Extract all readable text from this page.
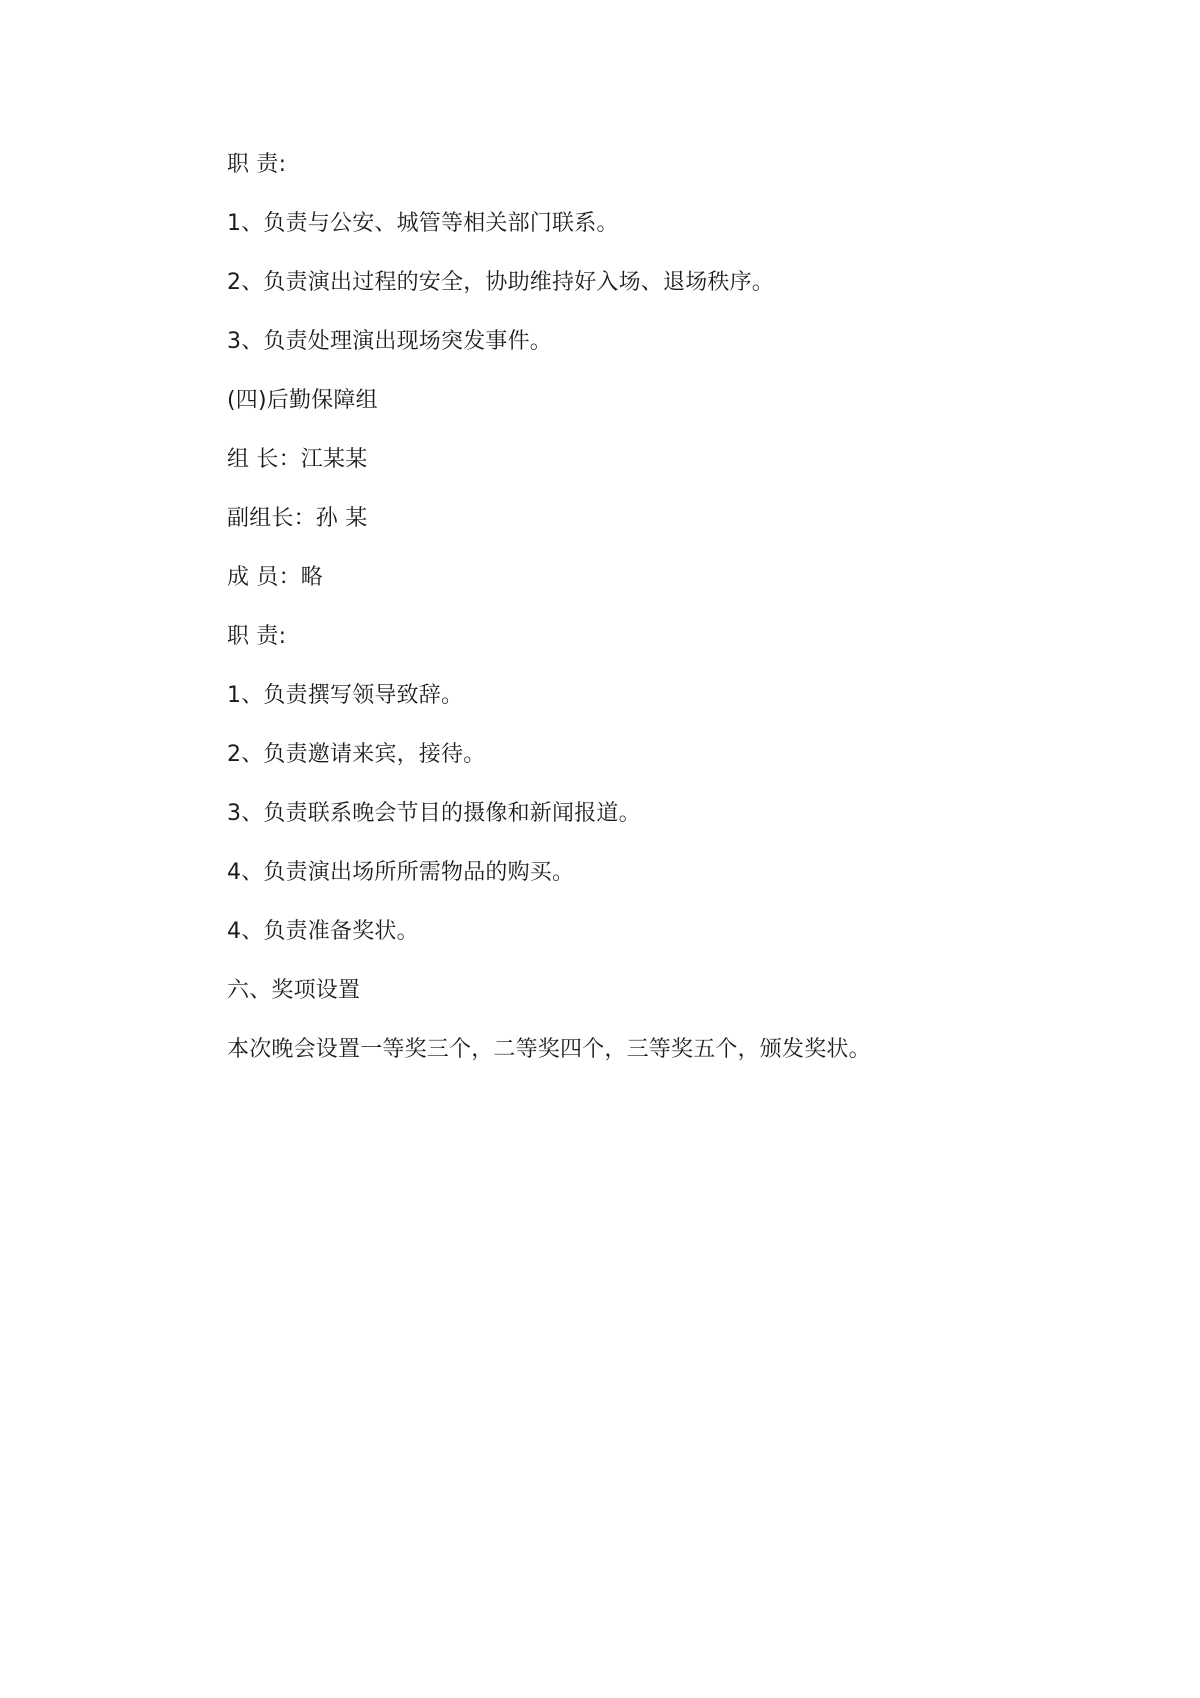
职 责:

1、负责与公安、城管等相关部门联系。

2、负责演出过程的安全，协助维持好入场、退场秩序。

3、负责处理演出现场突发事件。

(四)后勤保障组

组 长：江某某

副组长：孙 某

成 员：略

职 责:

1、负责撰写领导致辞。

2、负责邀请来宾，接待。

3、负责联系晚会节目的摄像和新闻报道。

4、负责演出场所所需物品的购买。

4、负责准备奖状。

六、奖项设置

本次晚会设置一等奖三个，二等奖四个，三等奖五个，颁发奖状。
